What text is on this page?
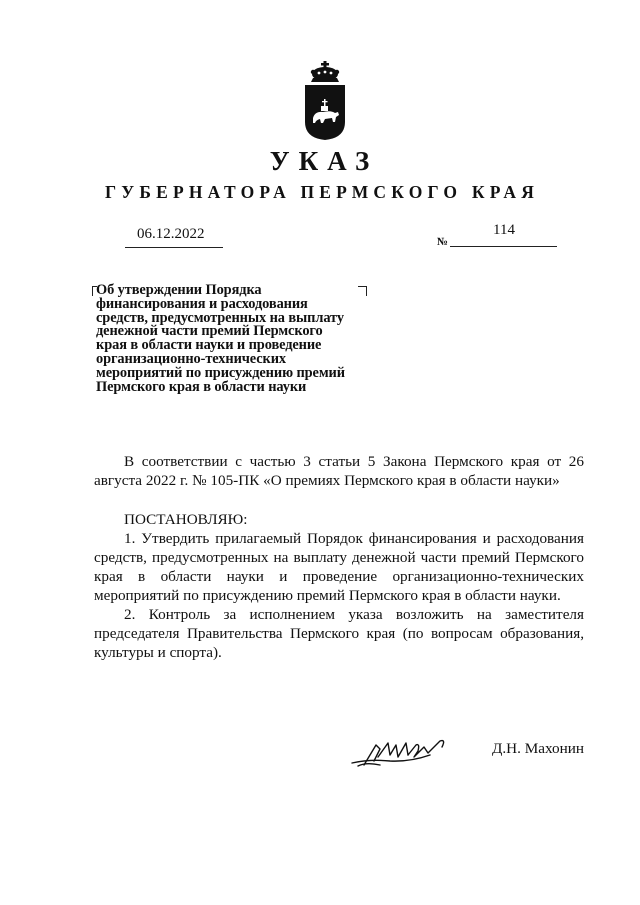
УКАЗ
ГУБЕРНАТОРА ПЕРМСКОГО КРАЯ
06.12.2022	№
114
Об утверждении Порядка
финансирования и расходования
средств, предусмотренных на выплату
денежной части премий Пермского
края в области науки и проведение
организационно-технических
мероприятий по присуждению премий
Пермского края в области науки
В соответствии с частью 3 статьи 5 Закона Пермского края от 26 августа 2022 г. № 105-ПК «О премиях Пермского края в области науки»
ПОСТАНОВЛЯЮ:
1. Утвердить прилагаемый Порядок финансирования и расходования средств, предусмотренных на выплату денежной части премий Пермского края в области науки и проведение организационно-технических мероприятий по присуждению премий Пермского края в области науки.
2. Контроль за исполнением указа возложить на заместителя председателя Правительства Пермского края (по вопросам образования, культуры и спорта).
Д.Н. Махонин
